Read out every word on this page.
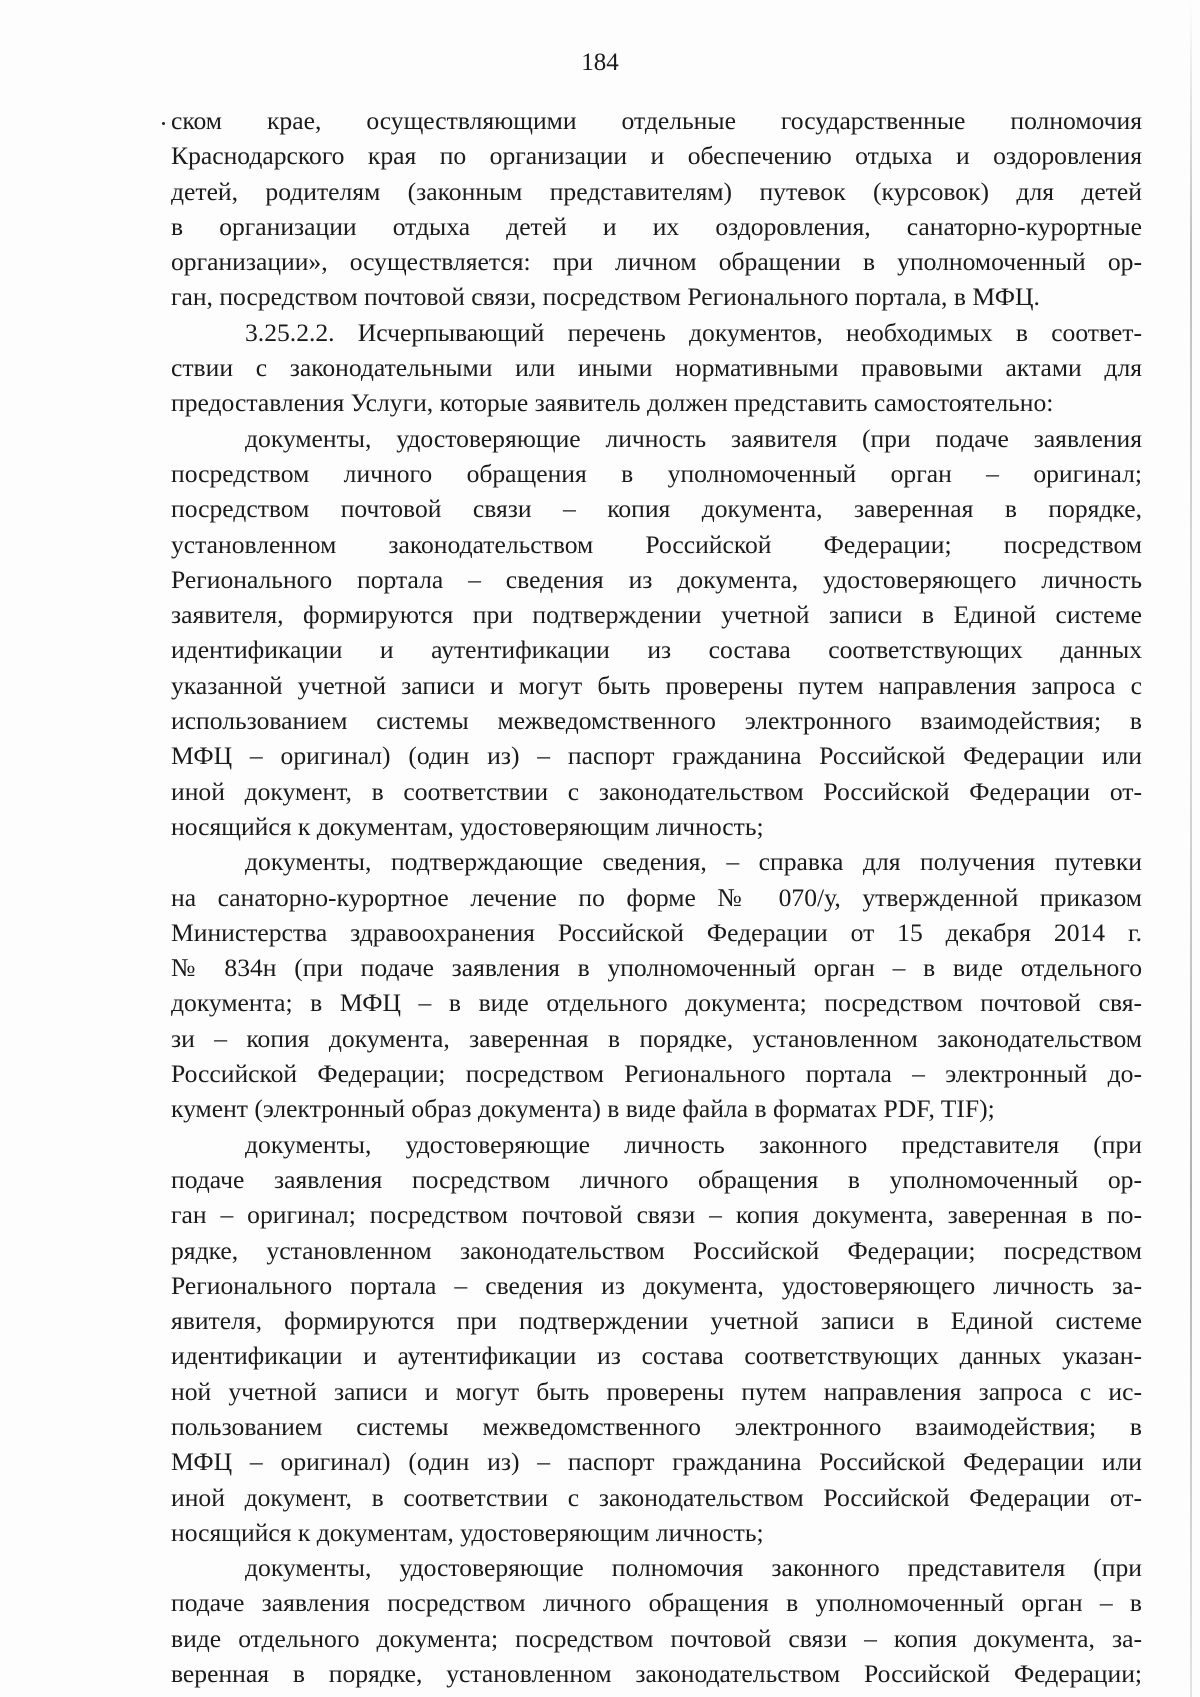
184
ском крае, осуществляющими отдельные государственные полномочия
Краснодарского края по организации и обеспечению отдыха и оздоровления
детей, родителям (законным представителям) путевок (курсовок) для детей
в организации отдыха детей и их оздоровления, санаторно-курортные
организации», осуществляется: при личном обращении в уполномоченный ор-
ган, посредством почтовой связи, посредством Регионального портала, в МФЦ.
3.25.2.2. Исчерпывающий перечень документов, необходимых в соответ-
ствии с законодательными или иными нормативными правовыми актами для
предоставления Услуги, которые заявитель должен представить самостоятельно:
документы, удостоверяющие личность заявителя (при подаче заявления
посредством личного обращения в уполномоченный орган – оригинал;
посредством почтовой связи – копия документа, заверенная в порядке,
установленном законодательством Российской Федерации; посредством
Регионального портала – сведения из документа, удостоверяющего личность
заявителя, формируются при подтверждении учетной записи в Единой системе
идентификации и аутентификации из состава соответствующих данных
указанной учетной записи и могут быть проверены путем направления запроса с
использованием системы межведомственного электронного взаимодействия; в
МФЦ – оригинал) (один из) – паспорт гражданина Российской Федерации или
иной документ, в соответствии с законодательством Российской Федерации от-
носящийся к документам, удостоверяющим личность;
документы, подтверждающие сведения, – справка для получения путевки
на санаторно-курортное лечение по форме № 070/у, утвержденной приказом
Министерства здравоохранения Российской Федерации от 15 декабря 2014 г.
№ 834н (при подаче заявления в уполномоченный орган – в виде отдельного
документа; в МФЦ – в виде отдельного документа; посредством почтовой свя-
зи – копия документа, заверенная в порядке, установленном законодательством
Российской Федерации; посредством Регионального портала – электронный до-
кумент (электронный образ документа) в виде файла в форматах PDF, TIF);
документы, удостоверяющие личность законного представителя (при
подаче заявления посредством личного обращения в уполномоченный ор-
ган – оригинал; посредством почтовой связи – копия документа, заверенная в по-
рядке, установленном законодательством Российской Федерации; посредством
Регионального портала – сведения из документа, удостоверяющего личность за-
явителя, формируются при подтверждении учетной записи в Единой системе
идентификации и аутентификации из состава соответствующих данных указан-
ной учетной записи и могут быть проверены путем направления запроса с ис-
пользованием системы межведомственного электронного взаимодействия; в
МФЦ – оригинал) (один из) – паспорт гражданина Российской Федерации или
иной документ, в соответствии с законодательством Российской Федерации от-
носящийся к документам, удостоверяющим личность;
документы, удостоверяющие полномочия законного представителя (при
подаче заявления посредством личного обращения в уполномоченный орган – в
виде отдельного документа; посредством почтовой связи – копия документа, за-
веренная в порядке, установленном законодательством Российской Федерации;
